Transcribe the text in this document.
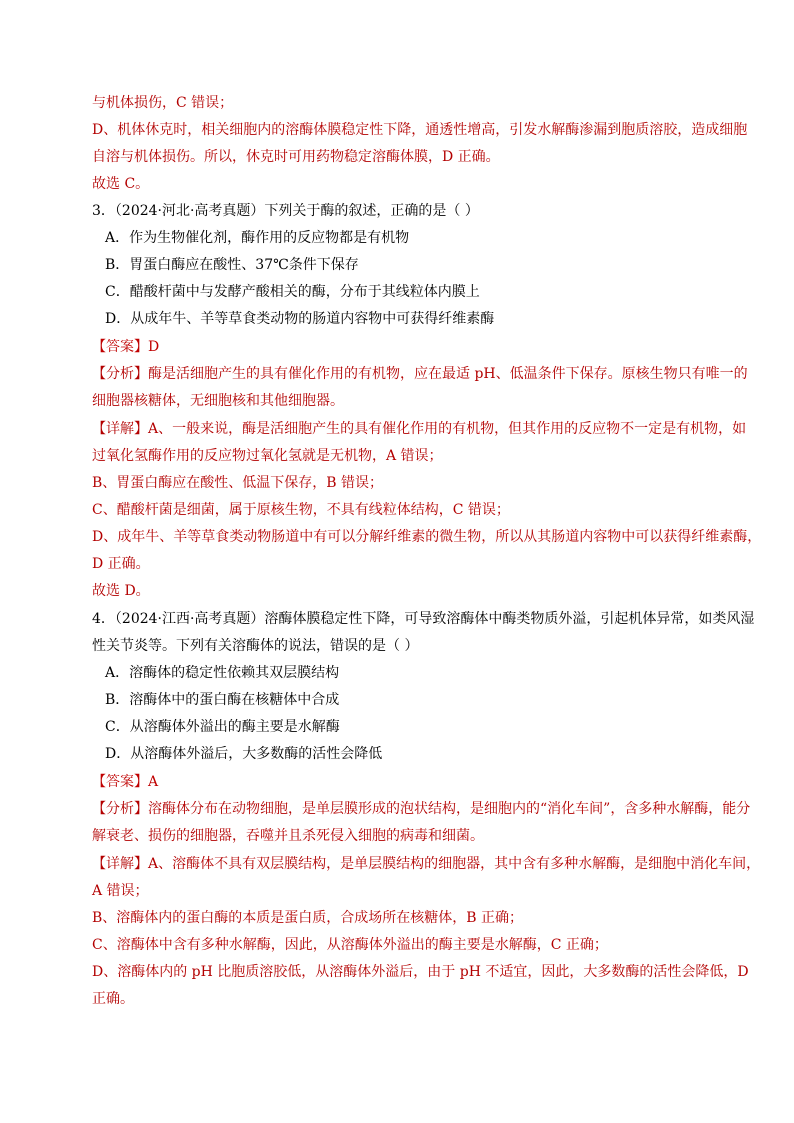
与机体损伤，C 错误；
D、机体休克时，相关细胞内的溶酶体膜稳定性下降，通透性增高，引发水解酶渗漏到胞质溶胶，造成细胞
自溶与机体损伤。所以，休克时可用药物稳定溶酶体膜，D 正确。
故选 C。
3．（2024·河北·高考真题）下列关于酶的叙述，正确的是（ ）
A．作为生物催化剂，酶作用的反应物都是有机物
B．胃蛋白酶应在酸性、37℃条件下保存
C．醋酸杆菌中与发酵产酸相关的酶，分布于其线粒体内膜上
D．从成年牛、羊等草食类动物的肠道内容物中可获得纤维素酶
【答案】D
【分析】酶是活细胞产生的具有催化作用的有机物，应在最适 pH、低温条件下保存。原核生物只有唯一的
细胞器核糖体，无细胞核和其他细胞器。
【详解】A、一般来说，酶是活细胞产生的具有催化作用的有机物，但其作用的反应物不一定是有机物，如
过氧化氢酶作用的反应物过氧化氢就是无机物，A 错误；
B、胃蛋白酶应在酸性、低温下保存，B 错误；
C、醋酸杆菌是细菌，属于原核生物，不具有线粒体结构，C 错误；
D、成年牛、羊等草食类动物肠道中有可以分解纤维素的微生物，所以从其肠道内容物中可以获得纤维素酶，
D 正确。
故选 D。
4．（2024·江西·高考真题）溶酶体膜稳定性下降，可导致溶酶体中酶类物质外溢，引起机体异常，如类风湿
性关节炎等。下列有关溶酶体的说法，错误的是（ ）
A．溶酶体的稳定性依赖其双层膜结构
B．溶酶体中的蛋白酶在核糖体中合成
C．从溶酶体外溢出的酶主要是水解酶
D．从溶酶体外溢后，大多数酶的活性会降低
【答案】A
【分析】溶酶体分布在动物细胞，是单层膜形成的泡状结构，是细胞内的“消化车间”，含多种水解酶，能分
解衰老、损伤的细胞器，吞噬并且杀死侵入细胞的病毒和细菌。
【详解】A、溶酶体不具有双层膜结构，是单层膜结构的细胞器，其中含有多种水解酶，是细胞中消化车间，
A 错误；
B、溶酶体内的蛋白酶的本质是蛋白质，合成场所在核糖体，B 正确；
C、溶酶体中含有多种水解酶，因此，从溶酶体外溢出的酶主要是水解酶，C 正确；
D、溶酶体内的 pH 比胞质溶胶低，从溶酶体外溢后，由于 pH 不适宜，因此，大多数酶的活性会降低，D
正确。
